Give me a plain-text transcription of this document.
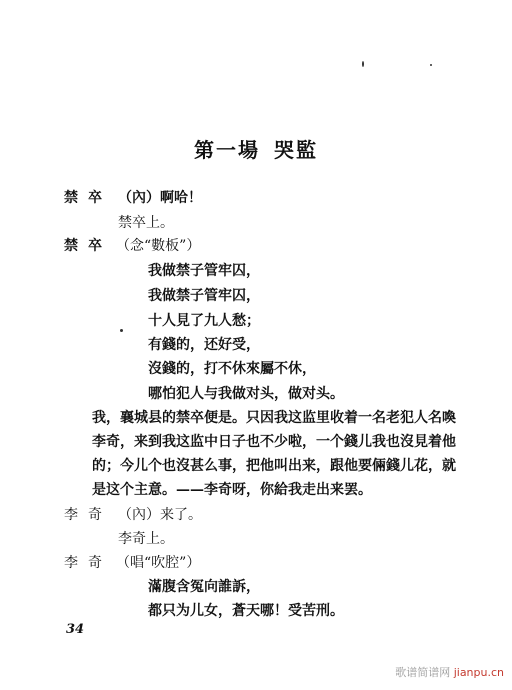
第一場 哭監
禁卒 （內）啊哈！
禁卒上。
禁卒 （念“數板”）
我做禁子管牢囚，
我做禁子管牢囚，
十人見了九人愁；
有錢的，还好受，
沒錢的，打不休來屬不休，
哪怕犯人与我做对头，做对头。
我，襄城县的禁卒便是。只因我这监里收着一名老犯人名喚
李奇，来到我这监中日子也不少啦，一个錢儿我也沒見着他
的；今儿个也沒甚么事，把他叫出来，跟他要倆錢儿花，就
是这个主意。——李奇呀，你給我走出来罢。
李奇 （內）来了。
李奇上。
李奇 （唱“吹腔”）
滿腹含冤向誰訴，
都只为儿女，蒼天哪！受苦刑。
34
歌谱简谱网 jianpu.cn
